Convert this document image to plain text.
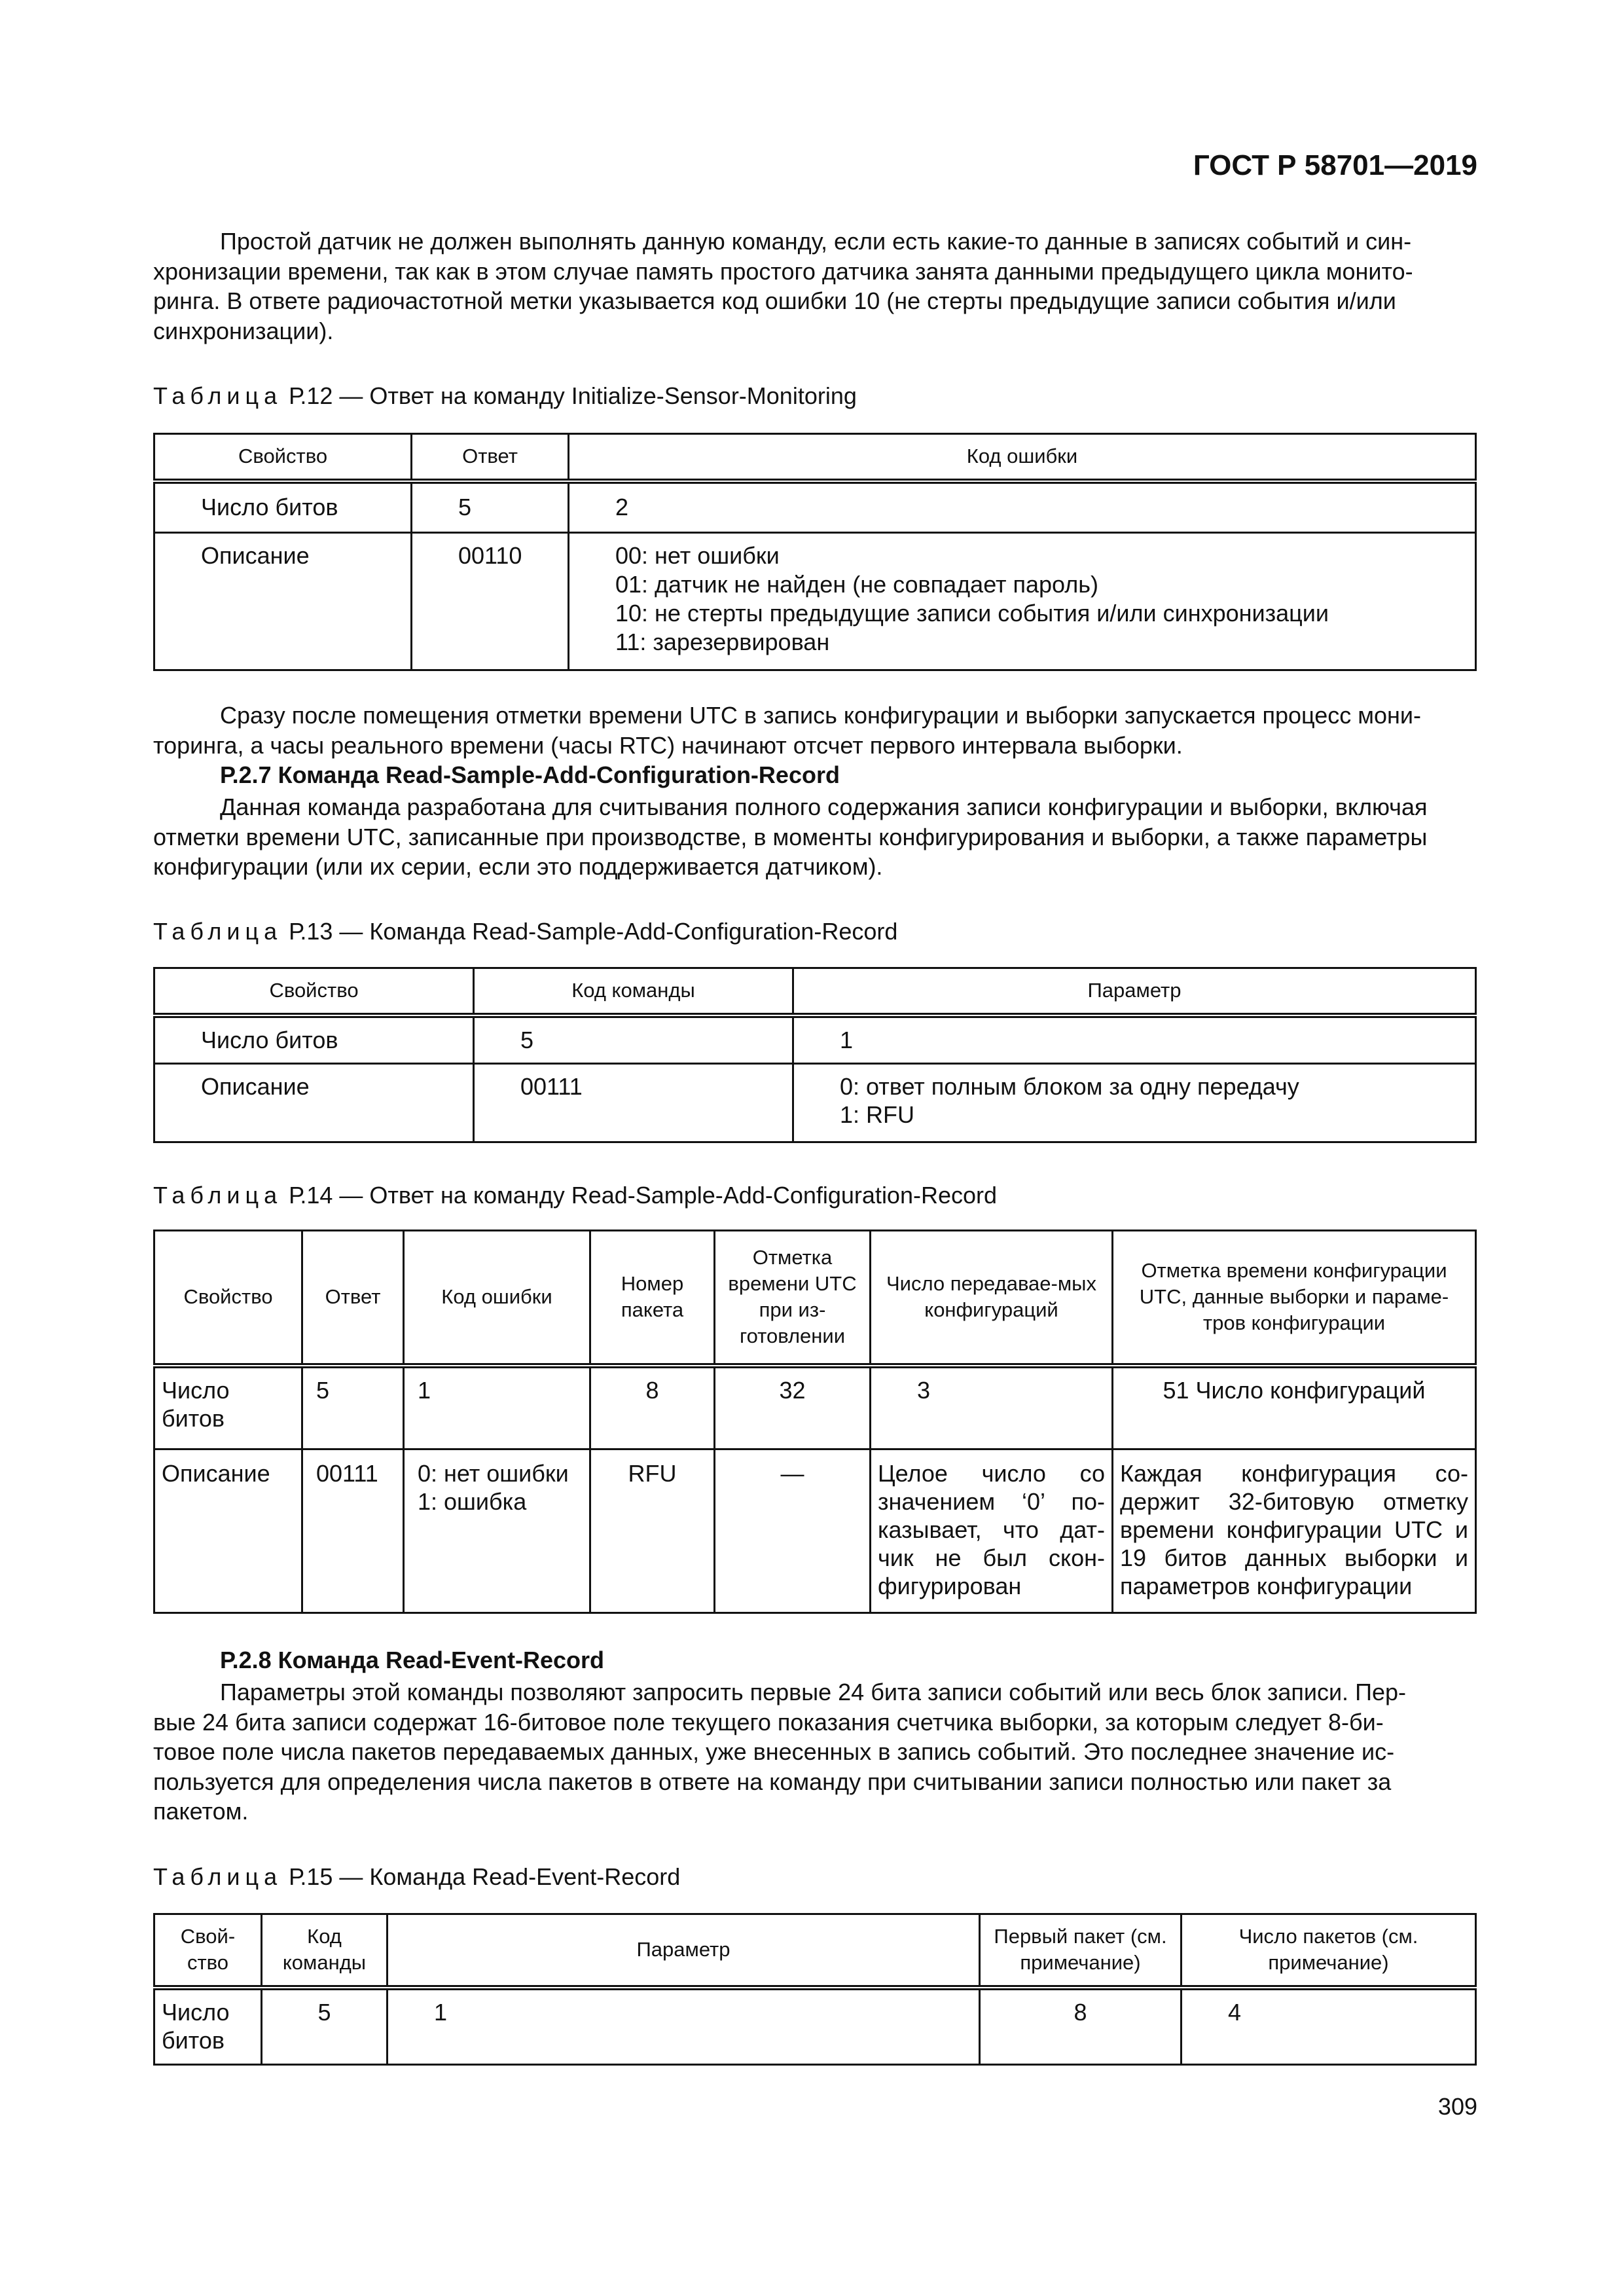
ГОСТ Р 58701—2019
Простой датчик не должен выполнять данную команду, если есть какие-то данные в записях событий и син-
хронизации времени, так как в этом случае память простого датчика занята данными предыдущего цикла монито-
ринга. В ответе радиочастотной метки указывается код ошибки 10 (не стерты предыдущие записи события и/или
синхронизации).
Таблица Р.12 — Ответ на команду Initialize-Sensor-Monitoring
Свойство	Ответ	Код ошибки
Число битов	5	2
Описание	00110	00: нет ошибки
01: датчик не найден (не совпадает пароль)
10: не стерты предыдущие записи события и/или синхронизации
11: зарезервирован
Сразу после помещения отметки времени UTC в запись конфигурации и выборки запускается процесс мони-
торинга, а часы реального времени (часы RTC) начинают отсчет первого интервала выборки.
Р.2.7 Команда Read-Sample-Add-Configuration-Record
Данная команда разработана для считывания полного содержания записи конфигурации и выборки, включая
отметки времени UTC, записанные при производстве, в моменты конфигурирования и выборки, а также параметры
конфигурации (или их серии, если это поддерживается датчиком).
Таблица Р.13 — Команда Read-Sample-Add-Configuration-Record
Свойство	Код команды	Параметр
Число битов	5	1
Описание	00111	0: ответ полным блоком за одну передачу
1: RFU
Таблица Р.14 — Ответ на команду Read-Sample-Add-Configuration-Record
Свойство	Ответ	Код ошибки	Номер пакета	Отметка времени UTC при из-готовлении	Число передавае-мых конфигураций	Отметка времени конфигурации UTC, данные выборки и параме-тров конфигурации
Число битов	5	1	8	32	3	51 Число конфигураций
Описание	00111	0: нет ошибки
1: ошибка	RFU	—	Целое число со значением ‘0’ по-казывает, что дат-чик не был скон-фигурирован	Каждая конфигурация со-держит 32-битовую отметку времени конфигурации UTC и 19 битов данных выборки и параметров конфигурации
Р.2.8 Команда Read-Event-Record
Параметры этой команды позволяют запросить первые 24 бита записи событий или весь блок записи. Пер-
вые 24 бита записи содержат 16-битовое поле текущего показания счетчика выборки, за которым следует 8-би-
товое поле числа пакетов передаваемых данных, уже внесенных в запись событий. Это последнее значение ис-
пользуется для определения числа пакетов в ответе на команду при считывании записи полностью или пакет за
пакетом.
Таблица Р.15 — Команда Read-Event-Record
Свой-ство	Код команды	Параметр	Первый пакет (см. примечание)	Число пакетов (см. примечание)
Число битов	5	1	8	4
309
